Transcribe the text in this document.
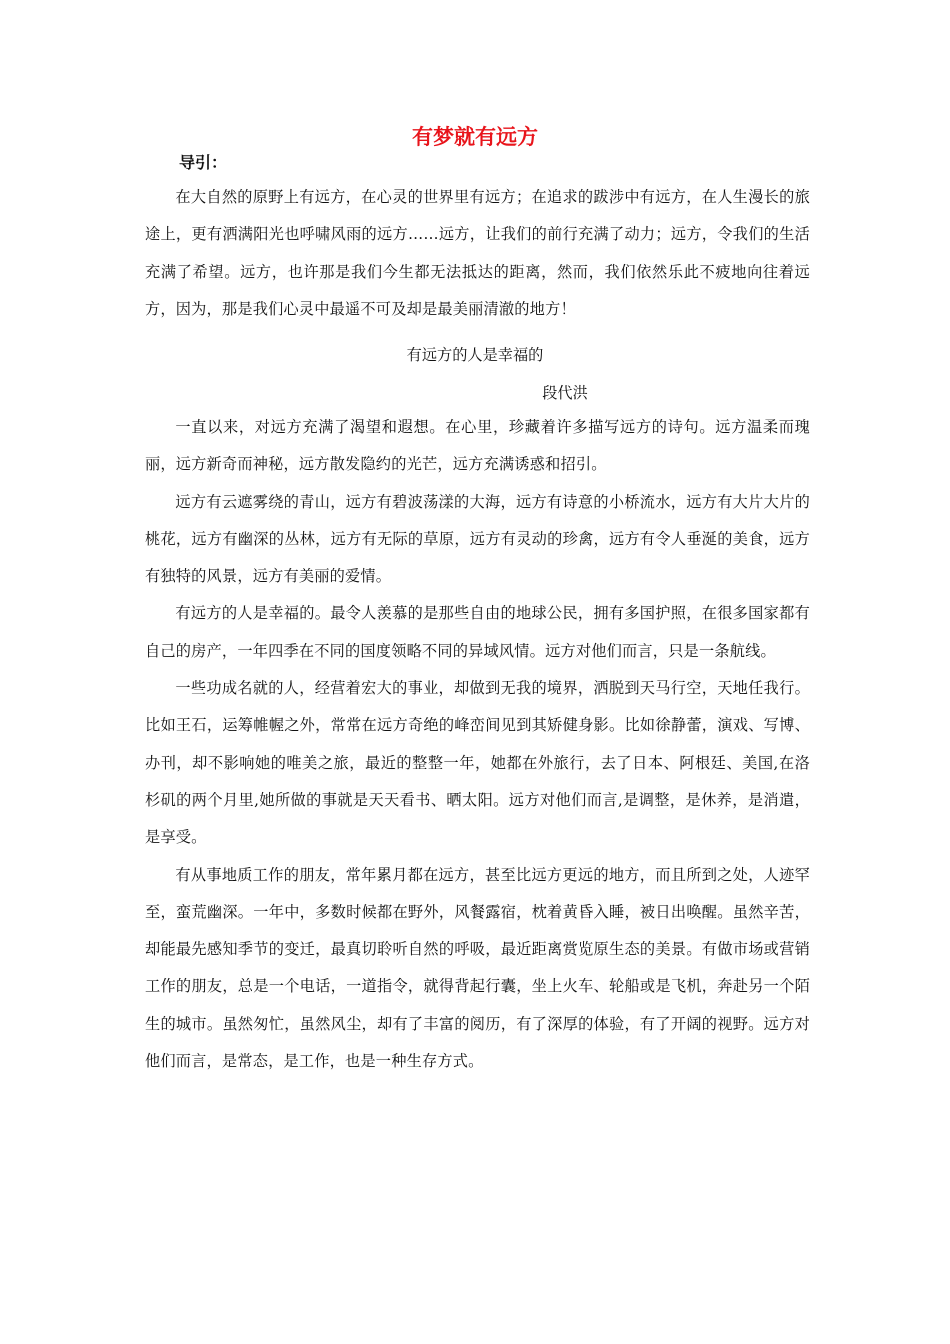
有梦就有远方
导引：

在大自然的原野上有远方，在心灵的世界里有远方；在追求的跋涉中有远方，在人生漫长的旅途上，更有洒满阳光也呼啸风雨的远方……远方，让我们的前行充满了动力；远方，令我们的生活充满了希望。远方，也许那是我们今生都无法抵达的距离，然而，我们依然乐此不疲地向往着远方，因为，那是我们心灵中最遥不可及却是最美丽清澈的地方！

有远方的人是幸福的
段代洪

一直以来，对远方充满了渴望和遐想。在心里，珍藏着许多描写远方的诗句。远方温柔而瑰丽，远方新奇而神秘，远方散发隐约的光芒，远方充满诱惑和招引。

远方有云遮雾绕的青山，远方有碧波荡漾的大海，远方有诗意的小桥流水，远方有大片大片的桃花，远方有幽深的丛林，远方有无际的草原，远方有灵动的珍禽，远方有令人垂涎的美食，远方有独特的风景，远方有美丽的爱情。

有远方的人是幸福的。最令人羡慕的是那些自由的地球公民，拥有多国护照，在很多国家都有自己的房产，一年四季在不同的国度领略不同的异域风情。远方对他们而言，只是一条航线。

一些功成名就的人，经营着宏大的事业，却做到无我的境界，洒脱到天马行空，天地任我行。比如王石，运筹帷幄之外，常常在远方奇绝的峰峦间见到其矫健身影。比如徐静蕾，演戏、写博、办刊，却不影响她的唯美之旅，最近的整整一年，她都在外旅行，去了日本、阿根廷、美国,在洛杉矶的两个月里,她所做的事就是天天看书、晒太阳。远方对他们而言,是调整，是休养，是消遣，是享受。

有从事地质工作的朋友，常年累月都在远方，甚至比远方更远的地方，而且所到之处，人迹罕至，蛮荒幽深。一年中，多数时候都在野外，风餐露宿，枕着黄昏入睡，被日出唤醒。虽然辛苦，却能最先感知季节的变迁，最真切聆听自然的呼吸，最近距离赏览原生态的美景。有做市场或营销工作的朋友，总是一个电话，一道指令，就得背起行囊，坐上火车、轮船或是飞机，奔赴另一个陌生的城市。虽然匆忙，虽然风尘，却有了丰富的阅历，有了深厚的体验，有了开阔的视野。远方对他们而言，是常态，是工作，也是一种生存方式。
